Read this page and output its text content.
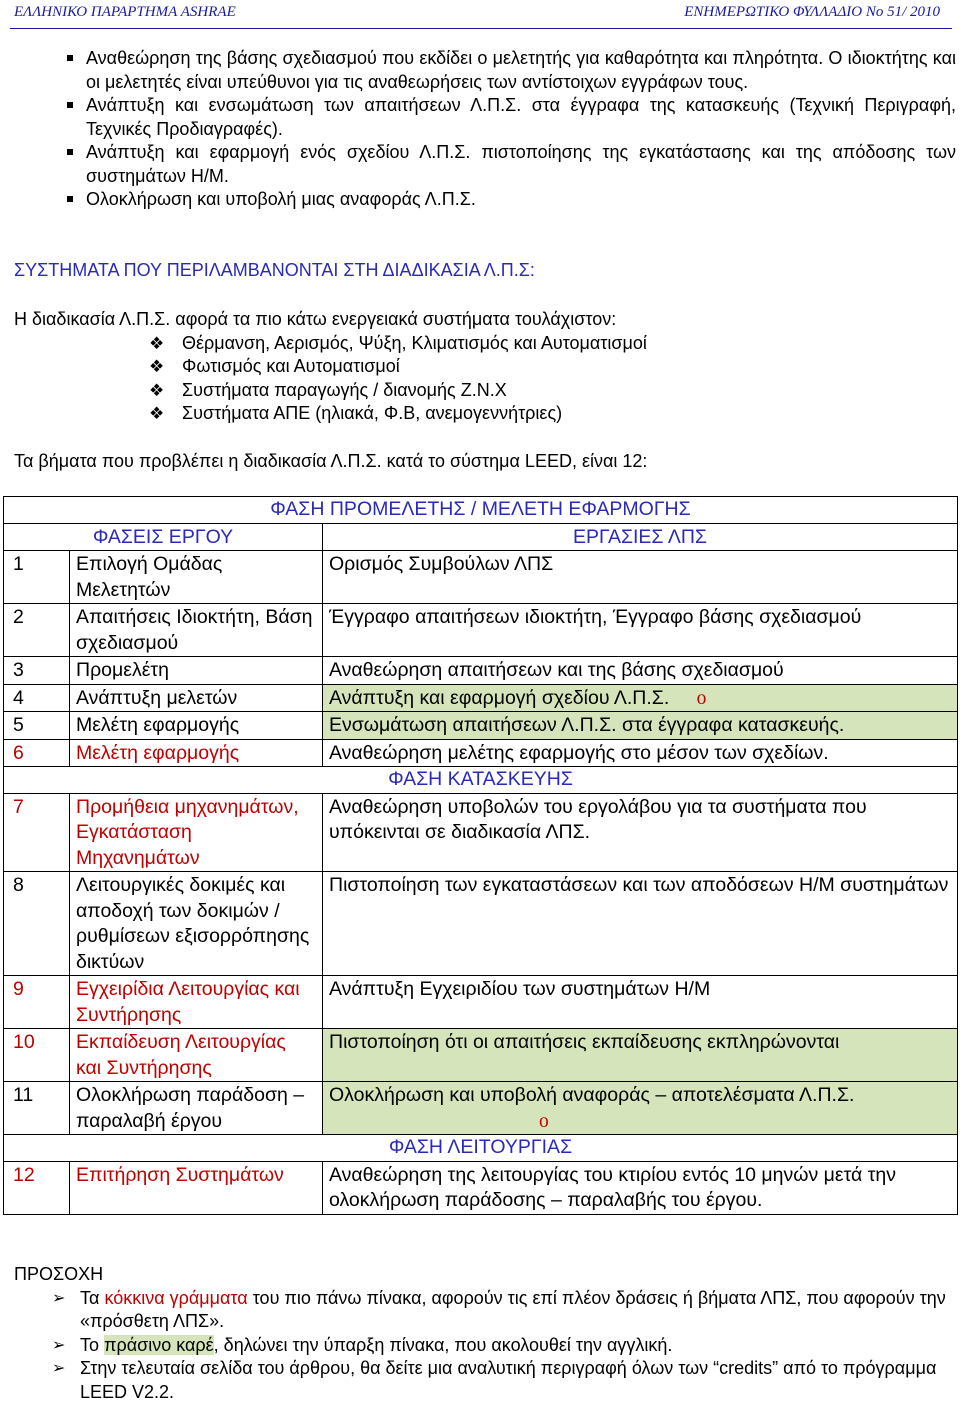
ΕΛΛΗΝΙΚΟ ΠΑΡΑΡΤΗΜΑ ASHRAE	ΕΝΗΜΕΡΩΤΙΚΟ ΦΥΛΛΑΔΙΟ No 51/ 2010
Αναθεώρηση της βάσης σχεδιασμού που εκδίδει ο μελετητής για καθαρότητα και πληρότητα. Ο ιδιοκτήτης και οι μελετητές είναι υπεύθυνοι για τις αναθεωρήσεις των αντίστοιχων εγγράφων τους.
Ανάπτυξη και ενσωμάτωση των απαιτήσεων Λ.Π.Σ. στα έγγραφα της κατασκευής (Τεχνική Περιγραφή, Τεχνικές Προδιαγραφές).
Ανάπτυξη και εφαρμογή ενός σχεδίου Λ.Π.Σ. πιστοποίησης της εγκατάστασης και της απόδοσης των συστημάτων Η/Μ.
Ολοκλήρωση και υποβολή μιας αναφοράς Λ.Π.Σ.
ΣΥΣΤΗΜΑΤΑ ΠΟΥ ΠΕΡΙΛΑΜΒΑΝΟΝΤΑΙ ΣΤΗ ΔΙΑΔΙΚΑΣΙΑ Λ.Π.Σ:
Η διαδικασία Λ.Π.Σ. αφορά τα πιο κάτω ενεργειακά συστήματα τουλάχιστον:
❖ Θέρμανση, Αερισμός, Ψύξη, Κλιματισμός και Αυτοματισμοί
❖ Φωτισμός και Αυτοματισμοί
❖ Συστήματα παραγωγής / διανομής Ζ.Ν.Χ
❖ Συστήματα ΑΠΕ (ηλιακά, Φ.Β, ανεμογεννήτριες)
Τα βήματα που προβλέπει η διαδικασία Λ.Π.Σ. κατά το σύστημα LEED, είναι 12:
ΦΑΣΗ ΠΡΟΜΕΛΕΤΗΣ / ΜΕΛΕΤΗ ΕΦΑΡΜΟΓΗΣ		
ΦΑΣΕΙΣ ΕΡΓΟΥ		ΕΡΓΑΣΙΕΣ ΛΠΣ
1	Επιλογή Ομάδας Μελετητών	Ορισμός Συμβούλων ΛΠΣ
2	Απαιτήσεις Ιδιοκτήτη, Βάση σχεδιασμού	Έγγραφο απαιτήσεων ιδιοκτήτη, Έγγραφο βάσης σχεδιασμού
3	Προμελέτη	Αναθεώρηση απαιτήσεων και της βάσης σχεδιασμού
4	Ανάπτυξη μελετών	Ανάπτυξη και εφαρμογή σχεδίου Λ.Π.Σ. ο
5	Μελέτη εφαρμογής	Ενσωμάτωση απαιτήσεων Λ.Π.Σ. στα έγγραφα κατασκευής.
6	Μελέτη εφαρμογής	Αναθεώρηση μελέτης εφαρμογής στο μέσον των σχεδίων.
ΦΑΣΗ ΚΑΤΑΣΚΕΥΗΣ		
7	Προμήθεια μηχανημάτων, Εγκατάσταση Μηχανημάτων	Αναθεώρηση υποβολών του εργολάβου για τα συστήματα που υπόκεινται σε διαδικασία ΛΠΣ.
8	Λειτουργικές δοκιμές και αποδοχή των δοκιμών / ρυθμίσεων εξισορρόπησης δικτύων	Πιστοποίηση των εγκαταστάσεων και των αποδόσεων Η/Μ συστημάτων
9	Εγχειρίδια Λειτουργίας και Συντήρησης	Ανάπτυξη Εγχειριδίου των συστημάτων Η/Μ
10	Εκπαίδευση Λειτουργίας και Συντήρησης	Πιστοποίηση ότι οι απαιτήσεις εκπαίδευσης εκπληρώνονται
11	Ολοκλήρωση παράδοση – παραλαβή έργου	Ολοκλήρωση και υποβολή αναφοράς – αποτελέσματα Λ.Π.Σ. ο
ΦΑΣΗ ΛΕΙΤΟΥΡΓΙΑΣ		
12	Επιτήρηση Συστημάτων	Αναθεώρηση της λειτουργίας του κτιρίου εντός 10 μηνών μετά την ολοκλήρωση παράδοσης – παραλαβής του έργου.
ΠΡΟΣΟΧΗ
➢ Τα κόκκινα γράμματα του πιο πάνω πίνακα, αφορούν τις επί πλέον δράσεις ή βήματα ΛΠΣ, που αφορούν την «πρόσθετη ΛΠΣ».
➢ Το πράσινο καρέ, δηλώνει την ύπαρξη πίνακα, που ακολουθεί την αγγλική.
➢ Στην τελευταία σελίδα του άρθρου, θα δείτε μια αναλυτική περιγραφή όλων των “credits” από το πρόγραμμα LEED V2.2.
